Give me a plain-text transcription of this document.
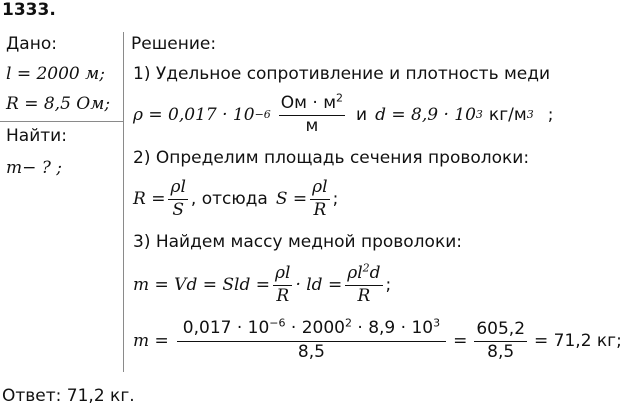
1333.
Дано:
l = 2000 м;
R = 8,5 Ом;
Найти:
m− ? ;
Решение:
1) Удельное сопротивление и плотность меди
$\rho = 0,017 \cdot 10 -6 \frac{Ом \cdot м^2}{м}$ и d = 8,9 · 10 3 кг/м 3 ;
2) Определим площадь сечения проволоки:
$R = \frac{\rho l}{S}$ , отсюда $S = \frac{\rho l}{R}$ ;
3) Найдем массу медной проволоки:
m = Vd = Sld = $\frac{\rho l}{R}$ · ld = $\frac{\rho l^2d}{R}$ ;
$m = \frac{0,017 \cdot 10^{-6} \cdot 2000^2 \cdot 8,9 \cdot 10^3}{8,5} = \frac{605,2}{8,5} = 71,2$ кг;
Ответ: 71,2 кг.
